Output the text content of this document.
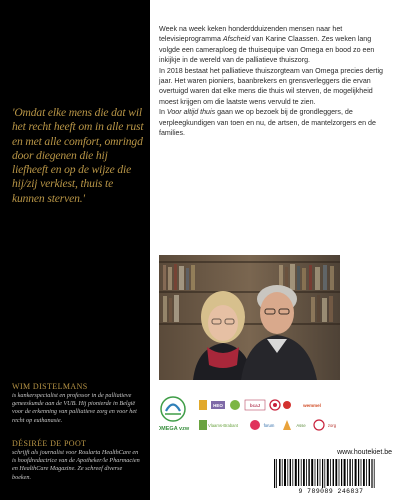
'Omdat elke mens die dat wil het recht heeft om in alle rust en met alle comfort, omringd door diegenen die hij liefheeft en op de wijze die hij/zij verkiest, thuis te kunnen sterven.'
WIM DISTELMANS
is kankerspecialist en professor in de palliatieve geneeskunde aan de VUB. Hij pionierde in België voor de erkenning van palliatieve zorg en voor het recht op euthanasie.
DÉSIRÉE DE POOT
schrijft als journalist voor Roularta HealthCare en is hoofdredactrice van de Apotheker/le Pharmacien en HealthCare Magazine. Ze schreef diverse boeken.

Week na week keken honderdduizenden mensen naar het televisieprogramma Afscheid van Karine Claassen. Zes weken lang volgde een cameraploeg de thuisequipe van Omega en bood zo een inkijkje in de wereld van de palliatieve thuiszorg.

In 2018 bestaat het palliatieve thuiszorgteam van Omega precies dertig jaar. Het waren pioniers, baanbrekers en grensverleggers die ervan overtuigd waren dat elke mens die thuis wil sterven, de mogelijkheid moest krijgen om die laatste wens vervuld te zien.

In Voor altijd thuis gaan we op bezoek bij de grondleggers, de verpleegkundigen van toen en nu, de artsen, de mantelzorgers en de families.

OMEGA vzw
HEO	bcaJ	wemmel
Vlaams-Brabant	forum	Asse	zorg
www.houtekiet.be
9 789089 246837
